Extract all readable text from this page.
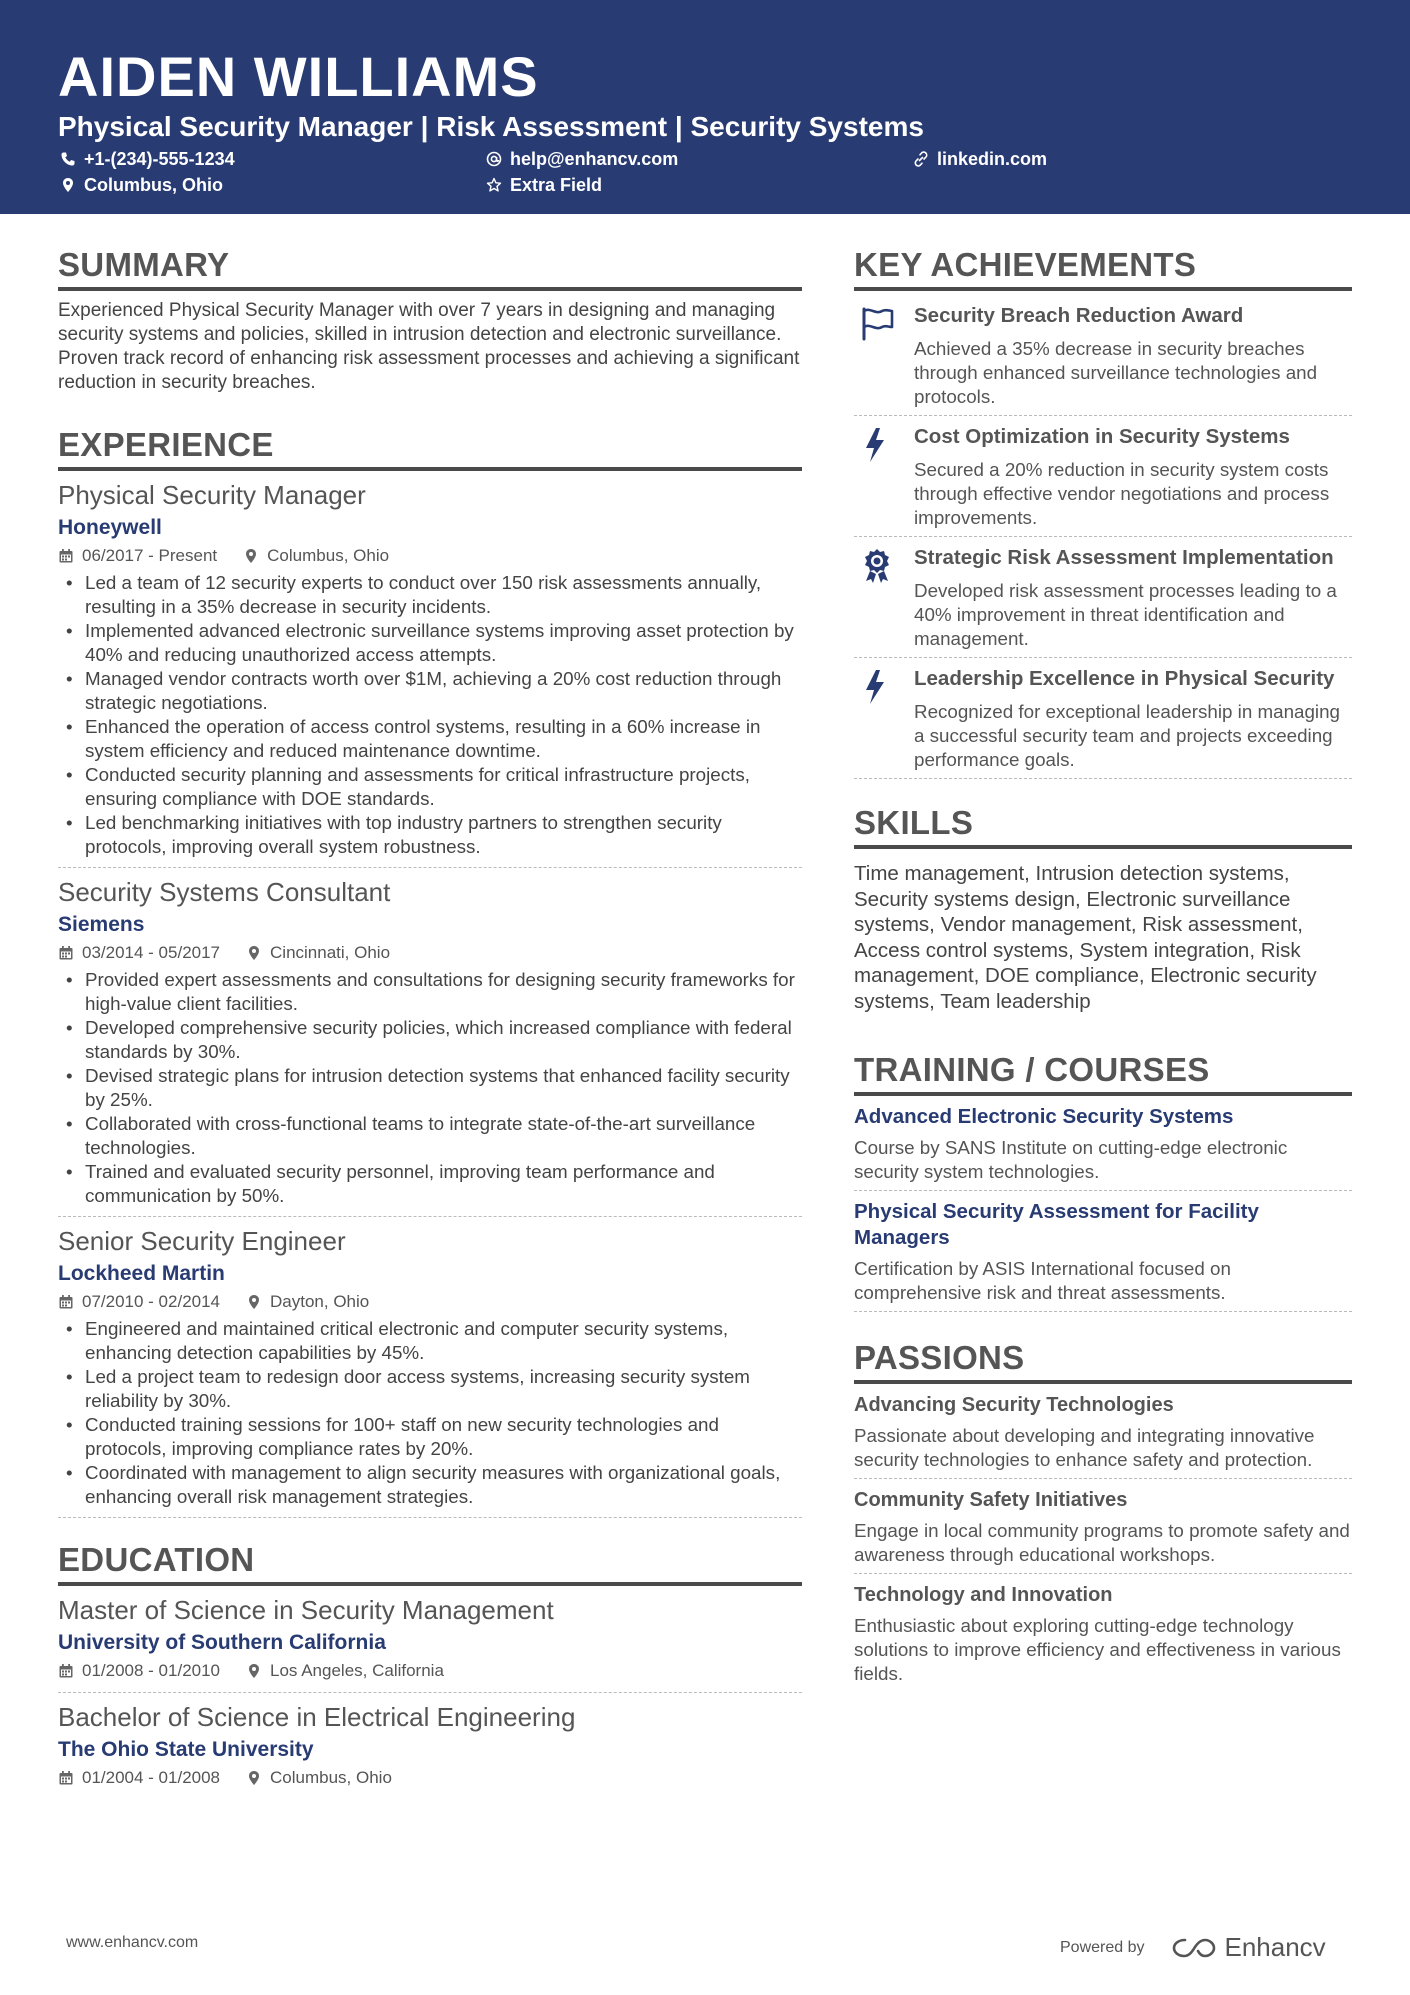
AIDEN WILLIAMS
Physical Security Manager | Risk Assessment | Security Systems
+1-(234)-555-1234	help@enhancv.com	linkedin.com
Columbus, Ohio	Extra Field
SUMMARY
Experienced Physical Security Manager with over 7 years in designing and managing security systems and policies, skilled in intrusion detection and electronic surveillance. Proven track record of enhancing risk assessment processes and achieving a significant reduction in security breaches.
EXPERIENCE
Physical Security Manager
Honeywell
06/2017 - Present	Columbus, Ohio
• Led a team of 12 security experts to conduct over 150 risk assessments annually, resulting in a 35% decrease in security incidents.
• Implemented advanced electronic surveillance systems improving asset protection by 40% and reducing unauthorized access attempts.
• Managed vendor contracts worth over $1M, achieving a 20% cost reduction through strategic negotiations.
• Enhanced the operation of access control systems, resulting in a 60% increase in system efficiency and reduced maintenance downtime.
• Conducted security planning and assessments for critical infrastructure projects, ensuring compliance with DOE standards.
• Led benchmarking initiatives with top industry partners to strengthen security protocols, improving overall system robustness.
Security Systems Consultant
Siemens
03/2014 - 05/2017	Cincinnati, Ohio
• Provided expert assessments and consultations for designing security frameworks for high-value client facilities.
• Developed comprehensive security policies, which increased compliance with federal standards by 30%.
• Devised strategic plans for intrusion detection systems that enhanced facility security by 25%.
• Collaborated with cross-functional teams to integrate state-of-the-art surveillance technologies.
• Trained and evaluated security personnel, improving team performance and communication by 50%.
Senior Security Engineer
Lockheed Martin
07/2010 - 02/2014	Dayton, Ohio
• Engineered and maintained critical electronic and computer security systems, enhancing detection capabilities by 45%.
• Led a project team to redesign door access systems, increasing security system reliability by 30%.
• Conducted training sessions for 100+ staff on new security technologies and protocols, improving compliance rates by 20%.
• Coordinated with management to align security measures with organizational goals, enhancing overall risk management strategies.
EDUCATION
Master of Science in Security Management
University of Southern California
01/2008 - 01/2010	Los Angeles, California
Bachelor of Science in Electrical Engineering
The Ohio State University
01/2004 - 01/2008	Columbus, Ohio
KEY ACHIEVEMENTS
Security Breach Reduction Award
Achieved a 35% decrease in security breaches through enhanced surveillance technologies and protocols.
Cost Optimization in Security Systems
Secured a 20% reduction in security system costs through effective vendor negotiations and process improvements.
Strategic Risk Assessment Implementation
Developed risk assessment processes leading to a 40% improvement in threat identification and management.
Leadership Excellence in Physical Security
Recognized for exceptional leadership in managing a successful security team and projects exceeding performance goals.
SKILLS
Time management, Intrusion detection systems, Security systems design, Electronic surveillance systems, Vendor management, Risk assessment, Access control systems, System integration, Risk management, DOE compliance, Electronic security systems, Team leadership
TRAINING / COURSES
Advanced Electronic Security Systems
Course by SANS Institute on cutting-edge electronic security system technologies.
Physical Security Assessment for Facility Managers
Certification by ASIS International focused on comprehensive risk and threat assessments.
PASSIONS
Advancing Security Technologies
Passionate about developing and integrating innovative security technologies to enhance safety and protection.
Community Safety Initiatives
Engage in local community programs to promote safety and awareness through educational workshops.
Technology and Innovation
Enthusiastic about exploring cutting-edge technology solutions to improve efficiency and effectiveness in various fields.
www.enhancv.com	Powered by	Enhancv
